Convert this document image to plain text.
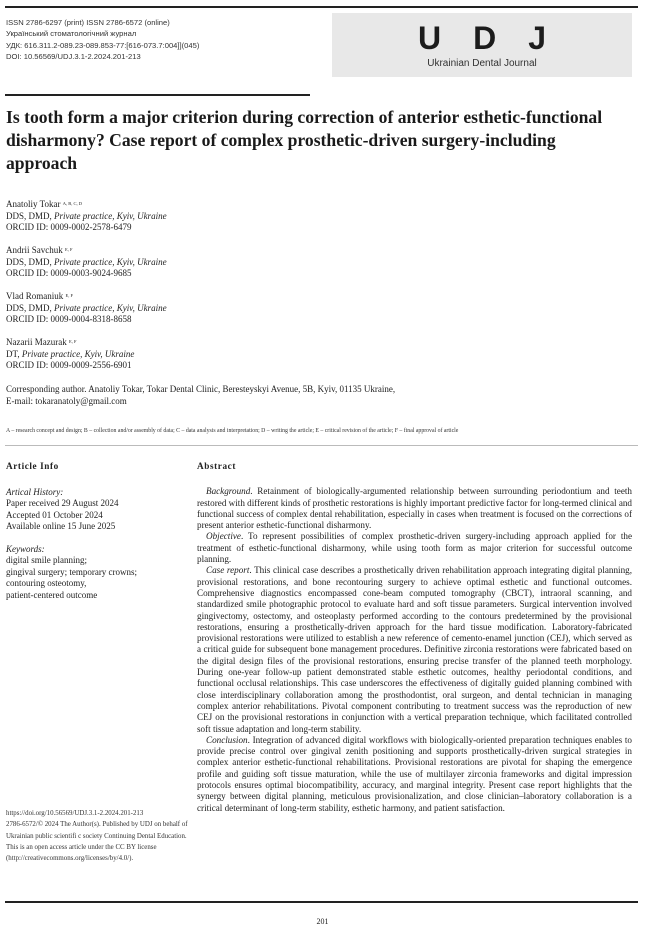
ISSN 2786-6297 (print) ISSN 2786-6572 (online)
Український стоматологічний журнал
УДК: 616.311.2-089.23-089.853-77:[616-073.7:004]](045)
DOI: 10.56569/UDJ.3.1-2.2024.201-213
UDJ
Ukrainian Dental Journal
Is tooth form a major criterion during correction of anterior esthetic-functional disharmony? Case report of complex prosthetic-driven surgery-including approach
Anatoliy Tokar $^{A, B, C, D}$
DDS, DMD, Private practice, Kyiv, Ukraine
ORCID ID: 0009-0002-2578-6479
Andrii Savchuk $^{E, F}$
DDS, DMD, Private practice, Kyiv, Ukraine
ORCID ID: 0009-0003-9024-9685
Vlad Romaniuk $^{E, F}$
DDS, DMD, Private practice, Kyiv, Ukraine
ORCID ID: 0009-0004-8318-8658
Nazarii Mazurak $^{E, F}$
DT, Private practice, Kyiv, Ukraine
ORCID ID: 0009-0009-2556-6901
Corresponding author. Anatoliy Tokar, Tokar Dental Clinic, Beresteyskyi Avenue, 5B, Kyiv, 01135 Ukraine,
E-mail: tokaranatoly@gmail.com
A – research concept and design; B – collection and/or assembly of data; C – data analysis and interpretation; D – writing the article; E – critical revision of the article; F – final approval of article
Article Info
Artical History:
Paper received 29 August 2024
Accepted 01 October 2024
Available online 15 June 2025
Keywords:
digital smile planning;
gingival surgery; temporary crowns;
contouring osteotomy,
patient-centered outcome
https://doi.org/10.56569/UDJ.3.1-2.2024.201-213
2786-6572/© 2024 The Author(s). Published by UDJ on behalf of Ukrainian public scientifi c society Continuing Dental Education. This is an open access article under the CC BY license (http://creativecommons.org/licenses/by/4.0/).
Abstract

Background. Retainment of biologically-argumented relationship between surrounding periodontium and teeth restored with different kinds of prosthetic restorations is highly important predictive factor for long-termed clinical and functional success of complex dental rehabilitation, especially in cases when treatment is focused on the corrections of present anterior esthetic-functional disharmony.

Objective. To represent possibilities of complex prosthetic-driven surgery-including approach applied for the treatment of esthetic-functional disharmony, while using tooth form as major criterion for successful outcome planning.

Case report. This clinical case describes a prosthetically driven rehabilitation approach integrating digital planning, provisional restorations, and bone recontouring surgery to achieve optimal esthetic and functional outcomes. Comprehensive diagnostics encompassed cone-beam computed tomography (CBCT), intraoral scanning, and standardized smile photographic protocol to evaluate hard and soft tissue parameters. Surgical intervention involved gingivectomy, ostectomy, and osteoplasty performed according to the contours predetermined by the provisional restorations, ensuring a prosthetically-driven approach for the hard tissue modification. Laboratory-fabricated provisional restorations were utilized to establish a new reference of cemento-enamel junction (CEJ), which served as a critical guide for subsequent bone management procedures. Definitive zirconia restorations were fabricated based on the digital design files of the provisional restorations, ensuring precise transfer of the planned teeth morphology. During one-year follow-up patient demonstrated stable esthetic outcomes, healthy periodontal conditions, and functional occlusal relationships. This case underscores the effectiveness of digitally guided planning combined with close interdisciplinary collaboration among the prosthodontist, oral surgeon, and dental technician in managing complex anterior rehabilitations. Pivotal component contributing to treatment success was the reproduction of new CEJ on the provisional restorations in conjunction with a vertical preparation technique, which facilitated controlled soft tissue adaptation and long-term stability.

Conclusion. Integration of advanced digital workflows with biologically-oriented preparation techniques enables to provide precise control over gingival zenith positioning and supports prosthetically-driven surgical strategies in complex anterior esthetic-functional rehabilitations. Provisional restorations are pivotal for shaping the emergence profile and guiding soft tissue maturation, while the use of multilayer zirconia frameworks and digital impression protocols ensures optimal biocompatibility, accuracy, and marginal integrity. Present case report highlights that the synergy between digital planning, meticulous provisionalization, and close clinician–laboratory collaboration is a critical determinant of long-term stability, esthetic harmony, and patient satisfaction.

201
